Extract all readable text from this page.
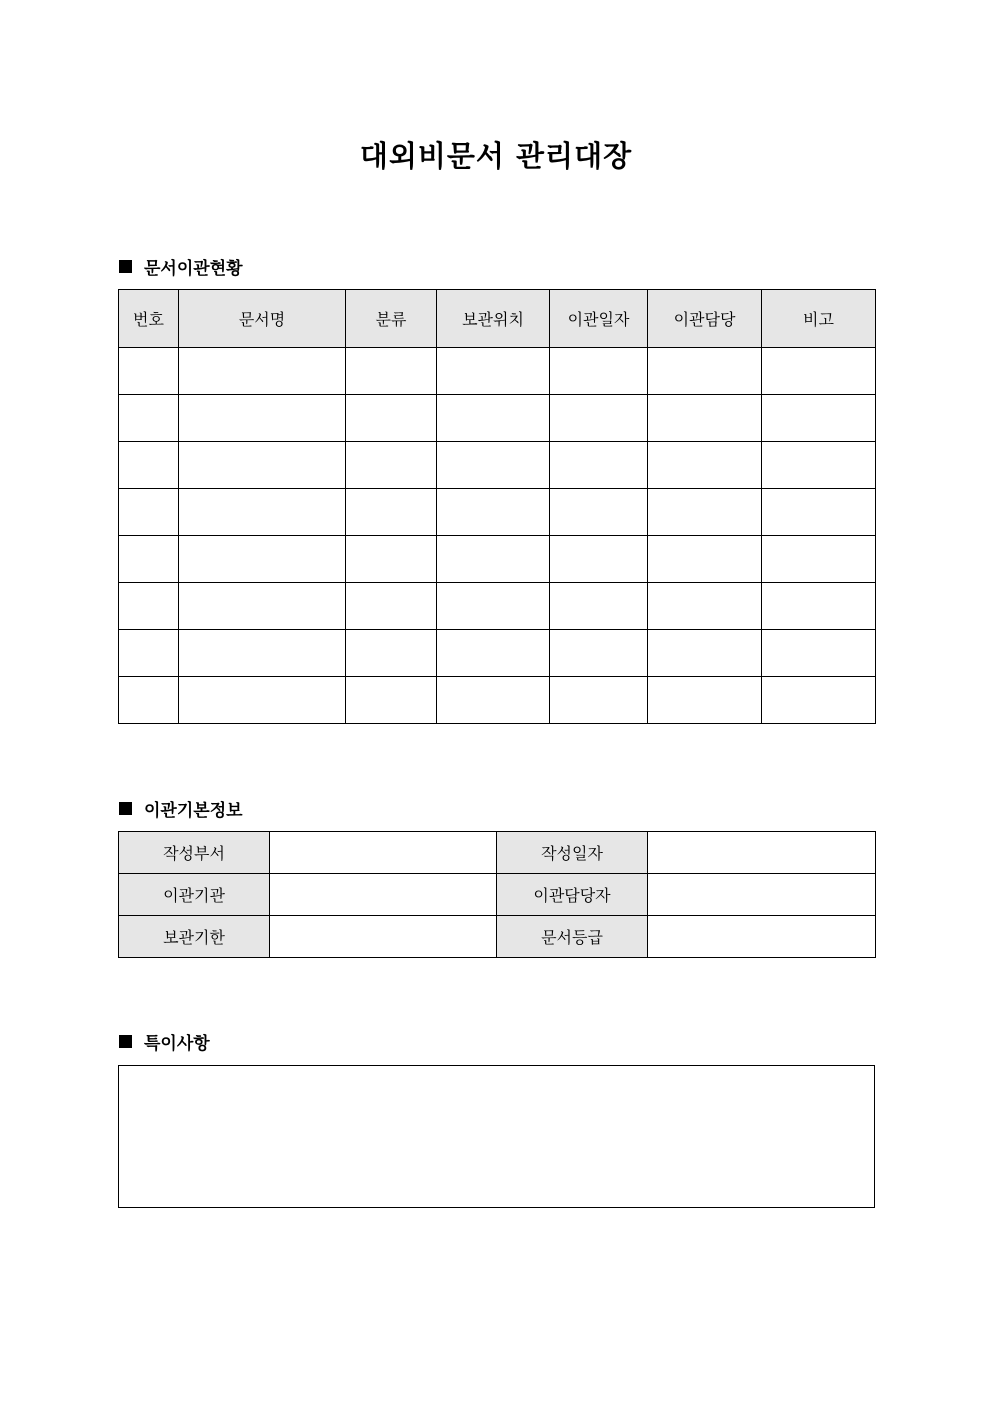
대외비문서 관리대장
문서이관현황
번호	문서명	분류	보관위치	이관일자	이관담당	비고

이관기본정보
작성부서		작성일자	
이관기관		이관담당자	
보관기한		문서등급	
특이사항
